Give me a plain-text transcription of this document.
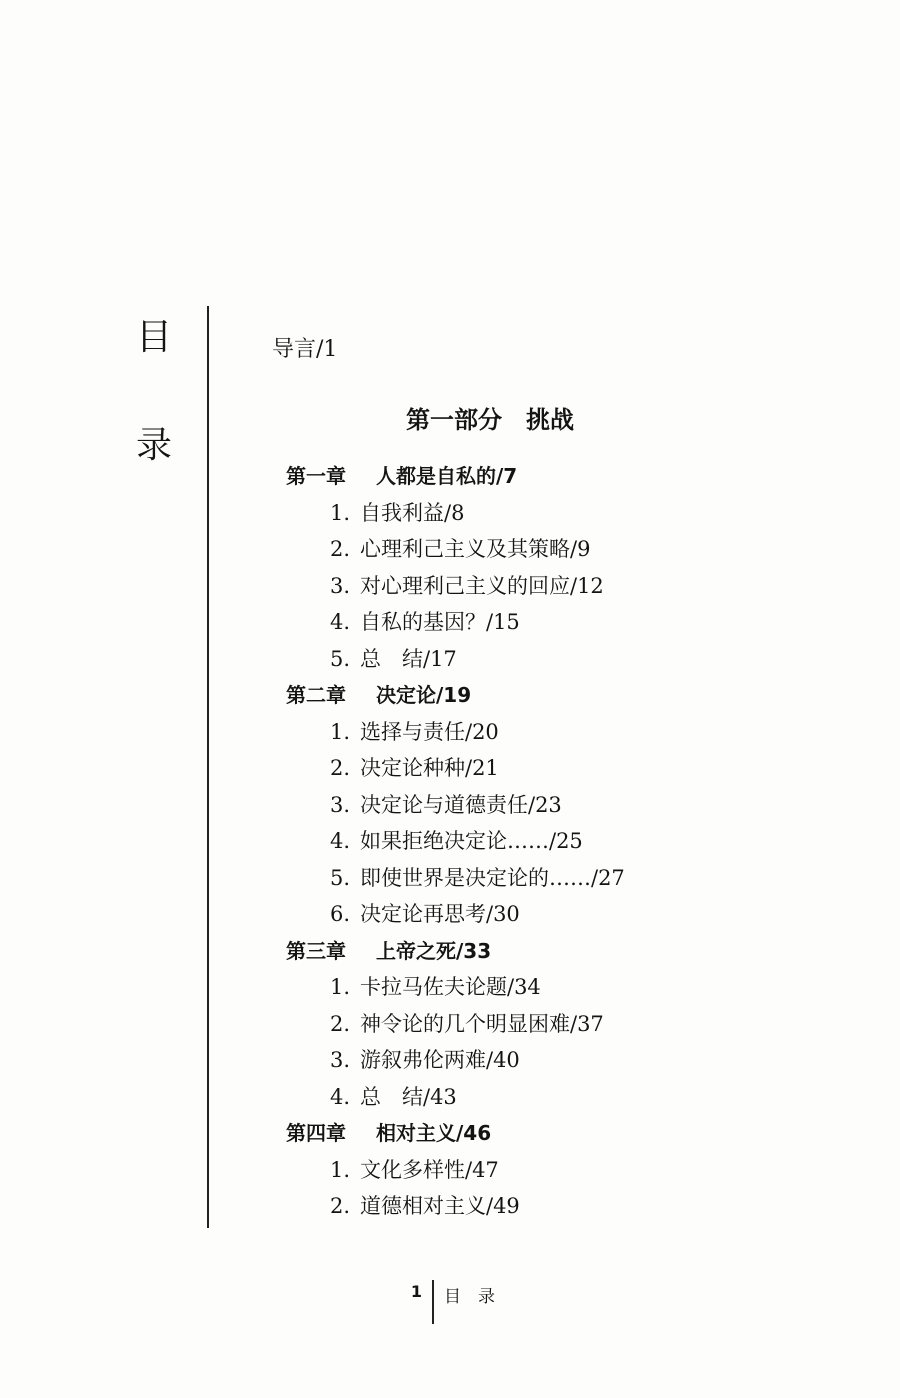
目
录
导言/1
第一部分　挑战
第一章 人都是自私的/7
1. 自我利益/8
2. 心理利己主义及其策略/9
3. 对心理利己主义的回应/12
4. 自私的基因？/15
5. 总　结/17
第二章 决定论/19
1. 选择与责任/20
2. 决定论种种/21
3. 决定论与道德责任/23
4. 如果拒绝决定论……/25
5. 即使世界是决定论的……/27
6. 决定论再思考/30
第三章 上帝之死/33
1. 卡拉马佐夫论题/34
2. 神令论的几个明显困难/37
3. 游叙弗伦两难/40
4. 总　结/43
第四章 相对主义/46
1. 文化多样性/47
2. 道德相对主义/49
1 目　录
